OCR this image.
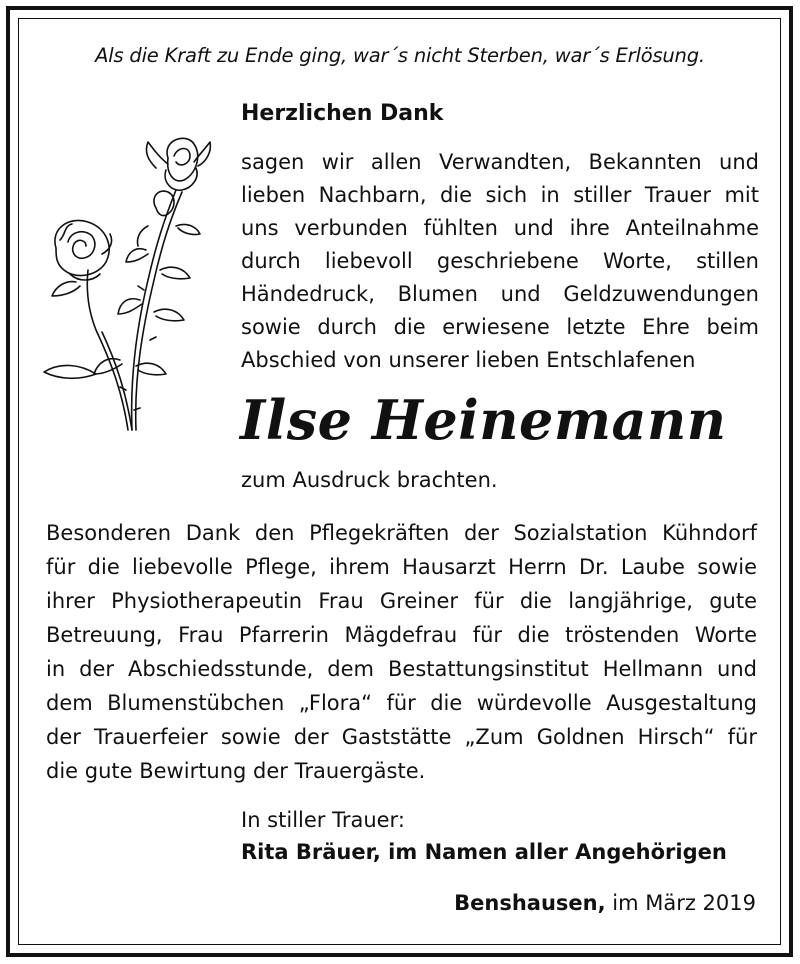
Als die Kraft zu Ende ging, war´s nicht Sterben, war´s Erlösung.
Herzlichen Dank
sagen wir allen Verwandten, Bekannten und
lieben Nachbarn, die sich in stiller Trauer mit
uns verbunden fühlten und ihre Anteilnahme
durch liebevoll geschriebene Worte, stillen
Händedruck, Blumen und Geldzuwendungen
sowie durch die erwiesene letzte Ehre beim
Abschied von unserer lieben Entschlafenen
Ilse Heinemann
zum Ausdruck brachten.
Besonderen Dank den Pflegekräften der Sozialstation Kühndorf
für die liebevolle Pflege, ihrem Hausarzt Herrn Dr. Laube sowie
ihrer Physiotherapeutin Frau Greiner für die langjährige, gute
Betreuung, Frau Pfarrerin Mägdefrau für die tröstenden Worte
in der Abschiedsstunde, dem Bestattungsinstitut Hellmann und
dem Blumenstübchen „Flora“ für die würdevolle Ausgestaltung
der Trauerfeier sowie der Gaststätte „Zum Goldnen Hirsch“ für
die gute Bewirtung der Trauergäste.
In stiller Trauer:
Rita Bräuer, im Namen aller Angehörigen
Benshausen, im März 2019
